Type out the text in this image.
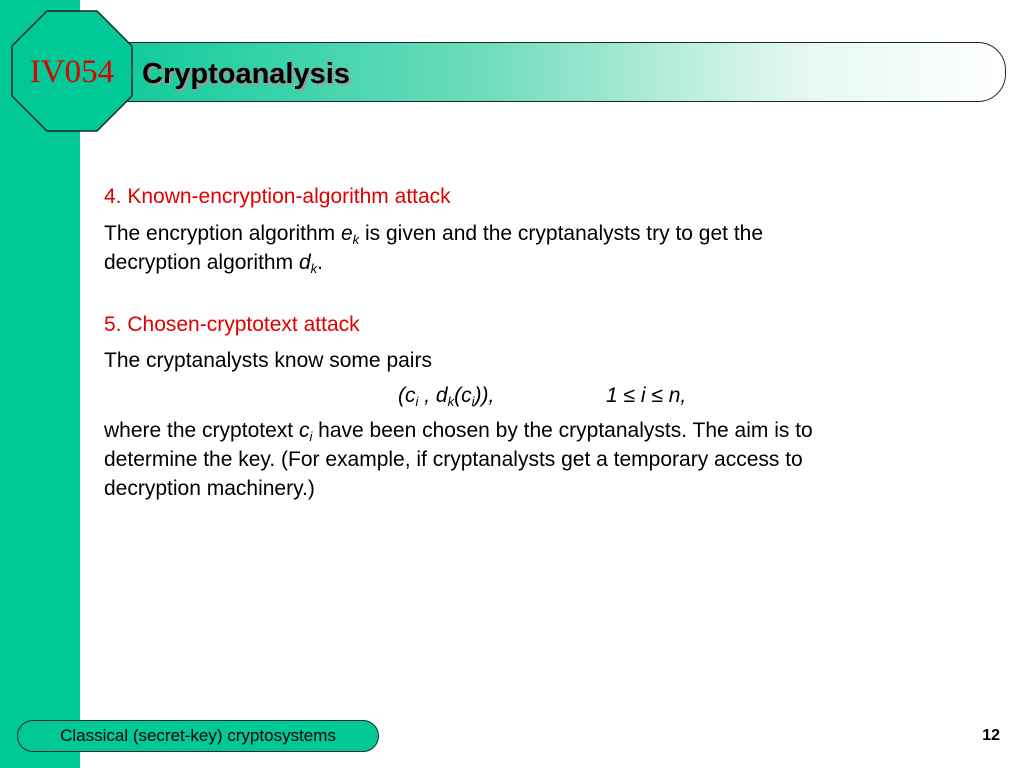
IV054 Cryptoanalysis

4. Known-encryption-algorithm attack

The encryption algorithm $e_k$ is given and the cryptanalysts try to get the

decryption algorithm $d_k$.

5. Chosen-cryptotext attack

The cryptanalysts know some pairs

($c_i$ , $d_k(c_i)$),	1 ≤ i ≤ n,

where the cryptotext $c_i$ have been chosen by the cryptanalysts. The aim is to

determine the key. (For example, if cryptanalysts get a temporary access to

decryption machinery.)

Classical (secret-key) cryptosystems	12
